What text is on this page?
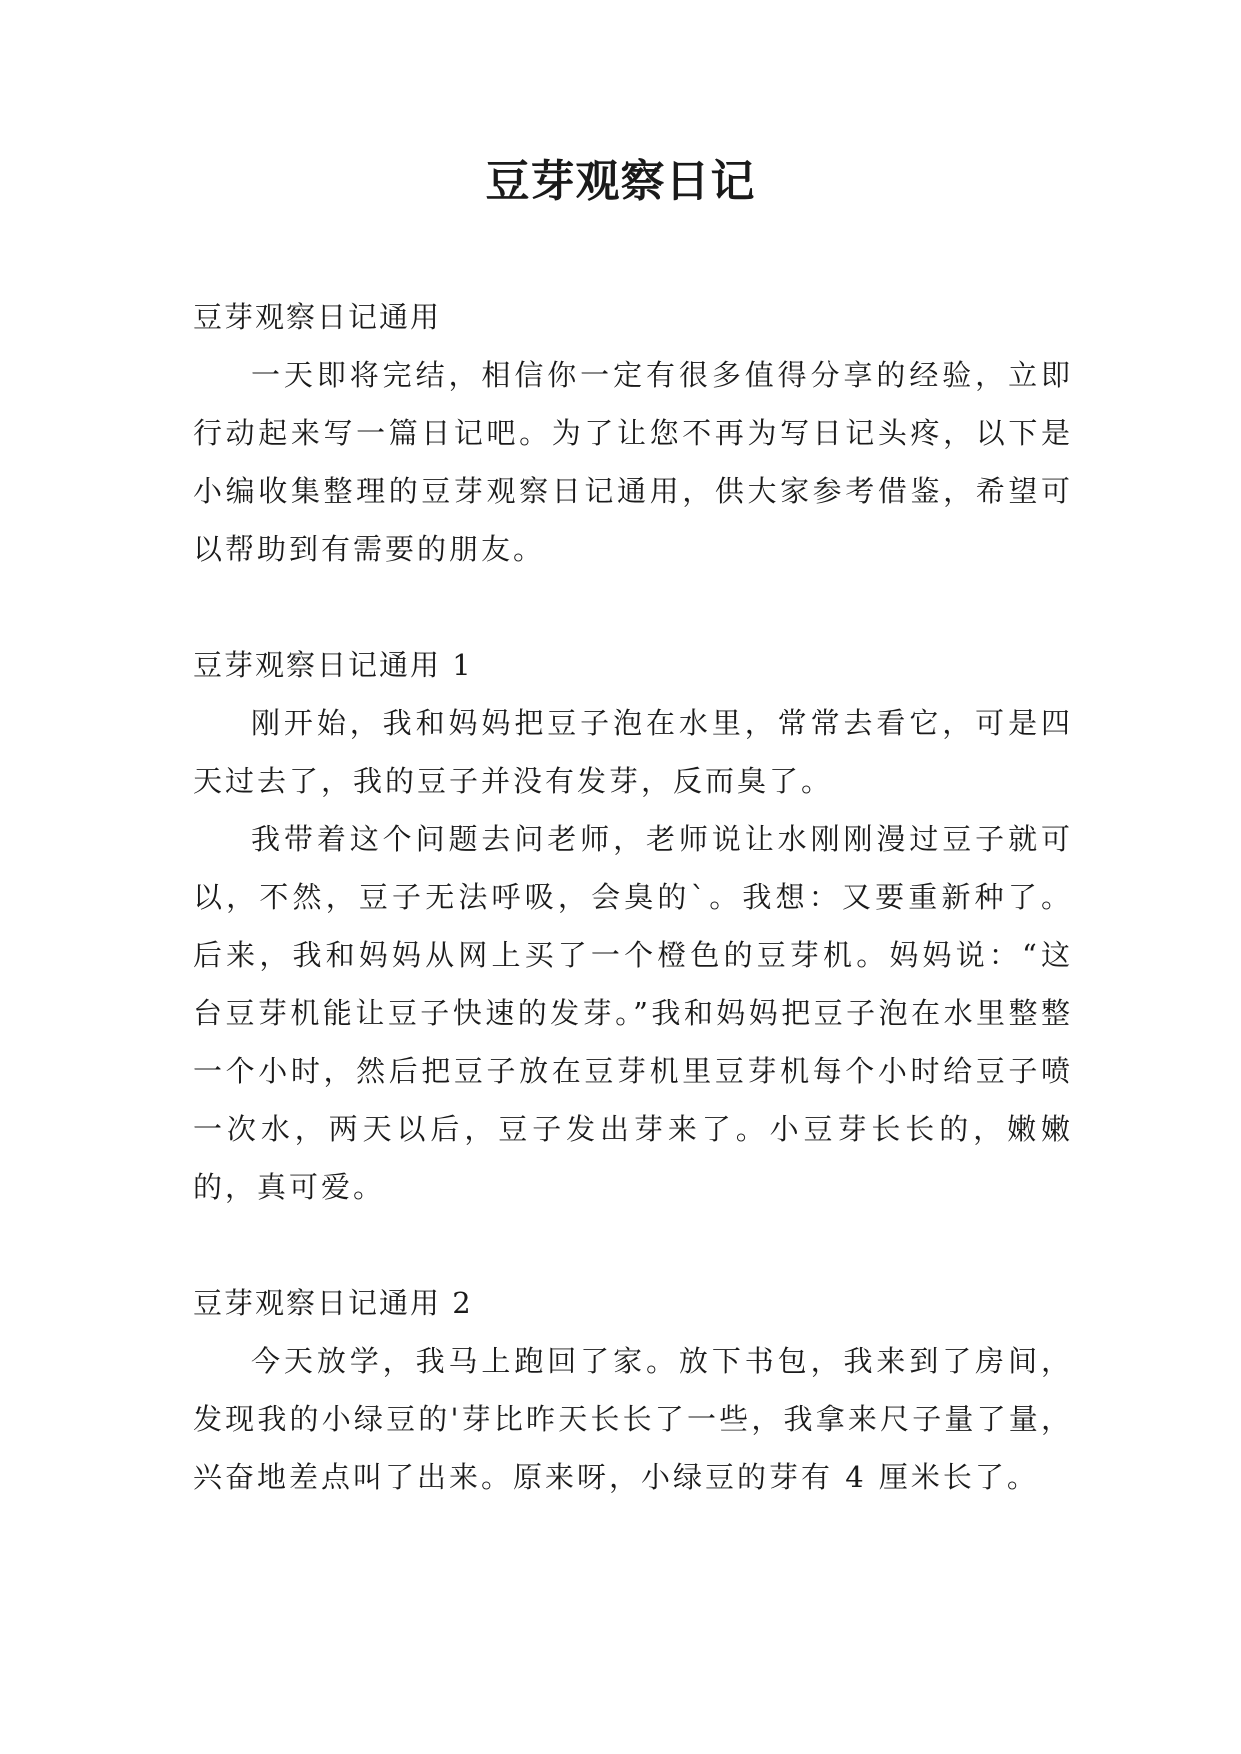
豆芽观察日记
豆芽观察日记通用

一天即将完结，相信你一定有很多值得分享的经验，立即行动起来写一篇日记吧。为了让您不再为写日记头疼，以下是小编收集整理的豆芽观察日记通用，供大家参考借鉴，希望可以帮助到有需要的朋友。

豆芽观察日记通用 1

刚开始，我和妈妈把豆子泡在水里，常常去看它，可是四天过去了，我的豆子并没有发芽，反而臭了。

我带着这个问题去问老师，老师说让水刚刚漫过豆子就可以，不然，豆子无法呼吸，会臭的`。我想：又要重新种了。后来，我和妈妈从网上买了一个橙色的豆芽机。妈妈说：“这台豆芽机能让豆子快速的发芽。”我和妈妈把豆子泡在水里整整一个小时，然后把豆子放在豆芽机里豆芽机每个小时给豆子喷一次水，两天以后，豆子发出芽来了。小豆芽长长的，嫩嫩的，真可爱。

豆芽观察日记通用 2

今天放学，我马上跑回了家。放下书包，我来到了房间，发现我的小绿豆的'芽比昨天长长了一些，我拿来尺子量了量，兴奋地差点叫了出来。原来呀，小绿豆的芽有 4 厘米长了。
